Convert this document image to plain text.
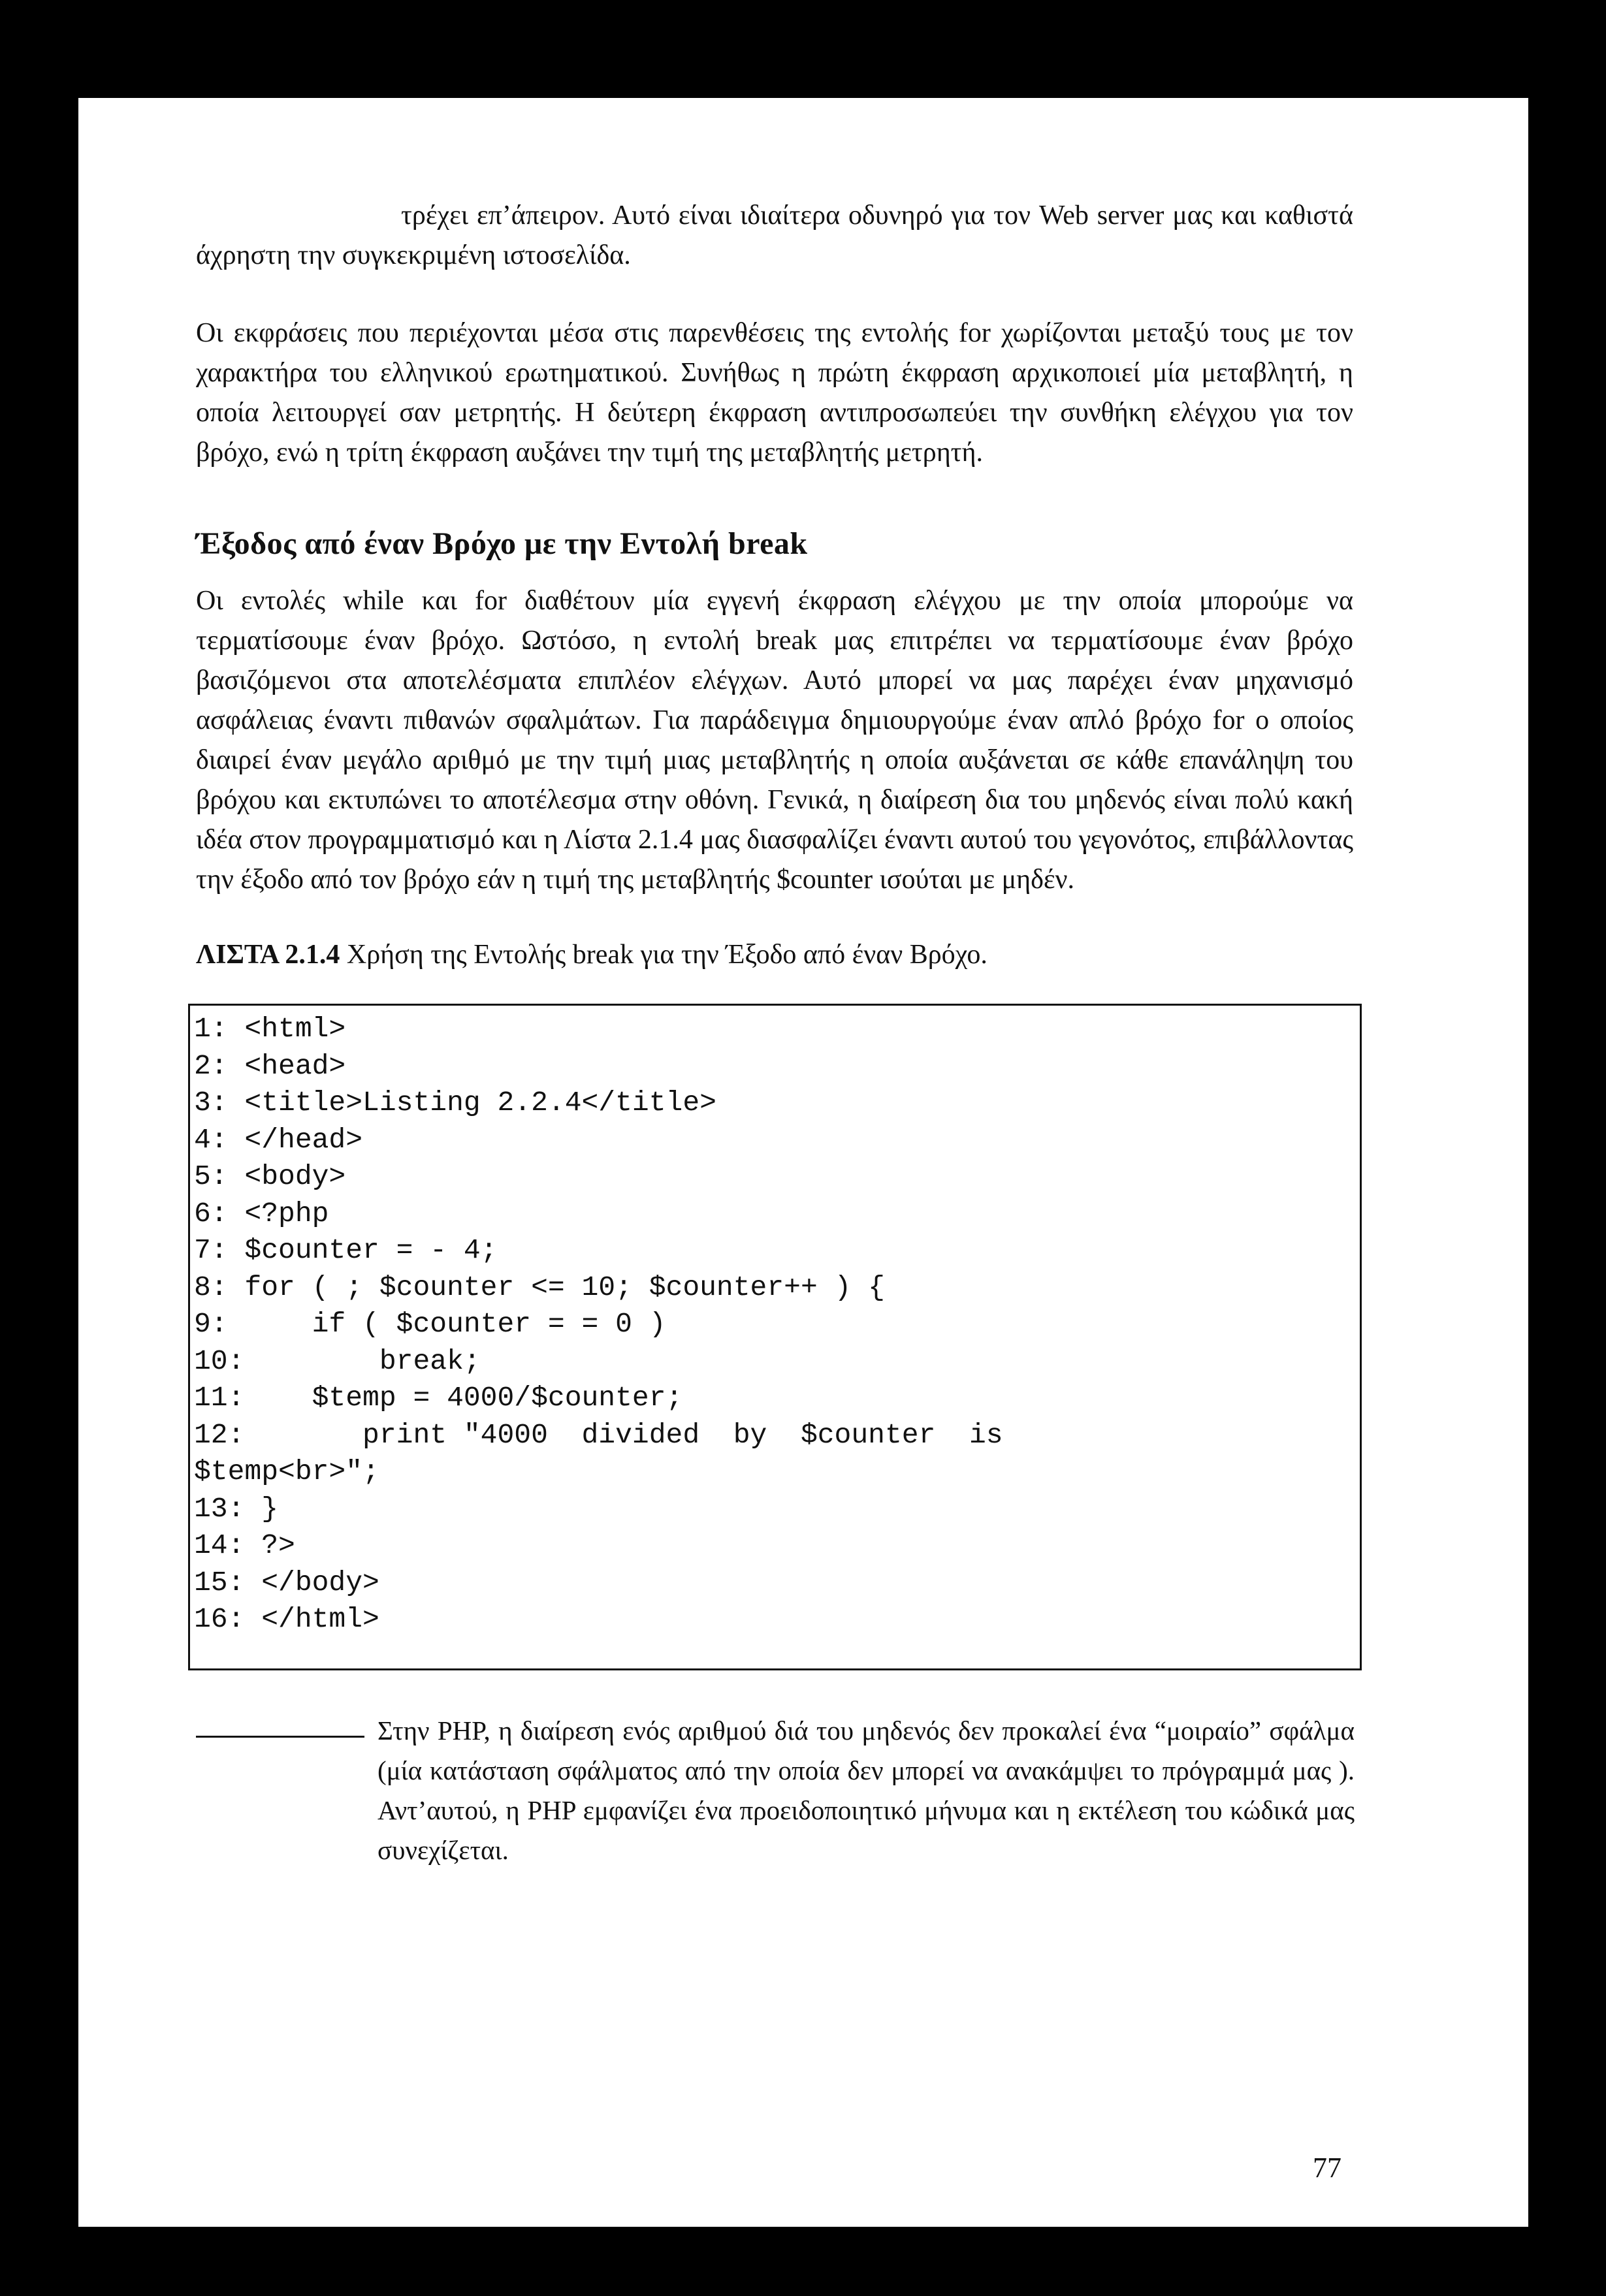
τρέχει επ’άπειρον. Αυτό είναι ιδιαίτερα οδυνηρό για τον Web server μας και καθιστά άχρηστη την συγκεκριμένη ιστοσελίδα.

Οι εκφράσεις που περιέχονται μέσα στις παρενθέσεις της εντολής for χωρίζονται μεταξύ τους με τον χαρακτήρα του ελληνικού ερωτηματικού. Συνήθως η πρώτη έκφραση αρχικοποιεί μία μεταβλητή, η οποία λειτουργεί σαν μετρητής. Η δεύτερη έκφραση αντιπροσωπεύει την συνθήκη ελέγχου για τον βρόχο, ενώ η τρίτη έκφραση αυξάνει την τιμή της μεταβλητής μετρητή.

Έξοδος από έναν Βρόχο με την Εντολή break

Οι εντολές while και for διαθέτουν μία εγγενή έκφραση ελέγχου με την οποία μπορούμε να τερματίσουμε έναν βρόχο. Ωστόσο, η εντολή break μας επιτρέπει να τερματίσουμε έναν βρόχο βασιζόμενοι στα αποτελέσματα επιπλέον ελέγχων. Αυτό μπορεί να μας παρέχει έναν μηχανισμό ασφάλειας έναντι πιθανών σφαλμάτων. Για παράδειγμα δημιουργούμε έναν απλό βρόχο for ο οποίος διαιρεί έναν μεγάλο αριθμό με την τιμή μιας μεταβλητής η οποία αυξάνεται σε κάθε επανάληψη του βρόχου και εκτυπώνει το αποτέλεσμα στην οθόνη. Γενικά, η διαίρεση δια του μηδενός είναι πολύ κακή ιδέα στον προγραμματισμό και η Λίστα 2.1.4 μας διασφαλίζει έναντι αυτού του γεγονότος, επιβάλλοντας την έξοδο από τον βρόχο εάν η τιμή της μεταβλητής $counter ισούται με μηδέν.

ΛΙΣΤΑ 2.1.4 Χρήση της Εντολής break για την Έξοδο από έναν Βρόχο.

1: <html>
2: <head>
3: <title>Listing 2.2.4</title>
4: </head>
5: <body>
6: <?php
7: $counter = - 4;
8: for ( ; $counter <= 10; $counter++ ) {
9:     if ( $counter = = 0 )
10:        break;
11:    $temp = 4000/$counter;
12:       print "4000  divided  by  $counter  is
$temp<br>";
13: }
14: ?>
15: </body>
16: </html>
Στην PHP, η διαίρεση ενός αριθμού διά του μηδενός δεν προκαλεί ένα “μοιραίο” σφάλμα (μία κατάσταση σφάλματος από την οποία δεν μπορεί να ανακάμψει το πρόγραμμά μας ). Αντ’αυτού, η PHP εμφανίζει ένα προειδοποιητικό μήνυμα και η εκτέλεση του κώδικά μας συνεχίζεται.
77
